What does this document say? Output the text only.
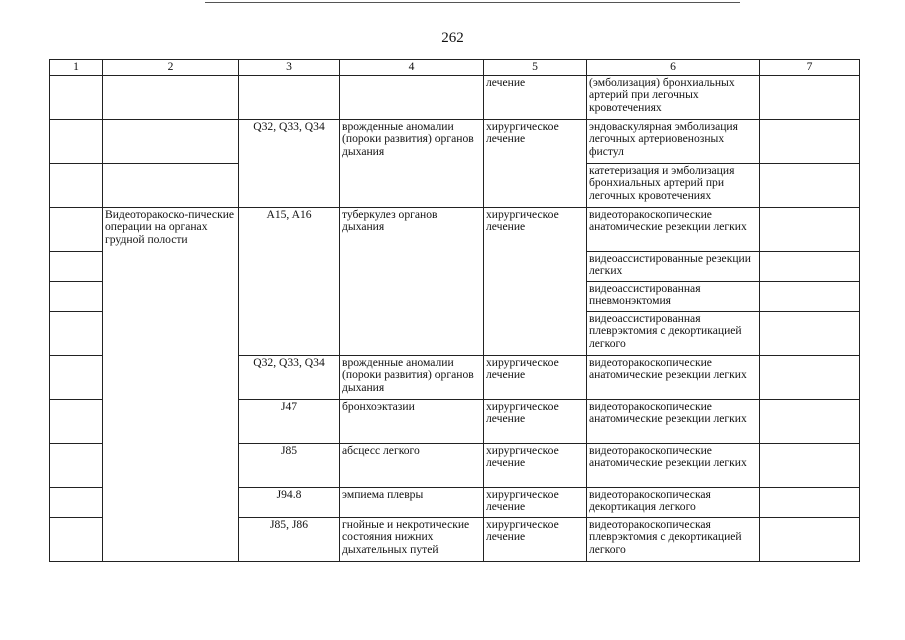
262
1	2	3	4	5	6	7
				лечение	(эмболизация) бронхиальных артерий при легочных кровотечениях	
		Q32, Q33, Q34	врожденные аномалии (пороки развития) органов дыхания	хирургическое лечение	эндоваскулярная эмболизация легочных артериовенозных фистул	
					катетеризация и эмболизация бронхиальных артерий при легочных кровотечениях	
	Видеоторакоско-пические операции на органах грудной полости	A15, A16	туберкулез органов дыхания	хирургическое лечение	видеоторакоскопические анатомические резекции легких	
					видеоассистированные резекции легких	
					видеоассистированная пневмонэктомия	
					видеоассистированная плеврэктомия с декортикацией легкого	
		Q32, Q33, Q34	врожденные аномалии (пороки развития) органов дыхания	хирургическое лечение	видеоторакоскопические анатомические резекции легких	
		J47	бронхоэктазии	хирургическое лечение	видеоторакоскопические анатомические резекции легких	
		J85	абсцесс легкого	хирургическое лечение	видеоторакоскопические анатомические резекции легких	
		J94.8	эмпиема плевры	хирургическое лечение	видеоторакоскопическая декортикация легкого	
		J85, J86	гнойные и некротические состояния нижних дыхательных путей	хирургическое лечение	видеоторакоскопическая плеврэктомия с декортикацией легкого	
